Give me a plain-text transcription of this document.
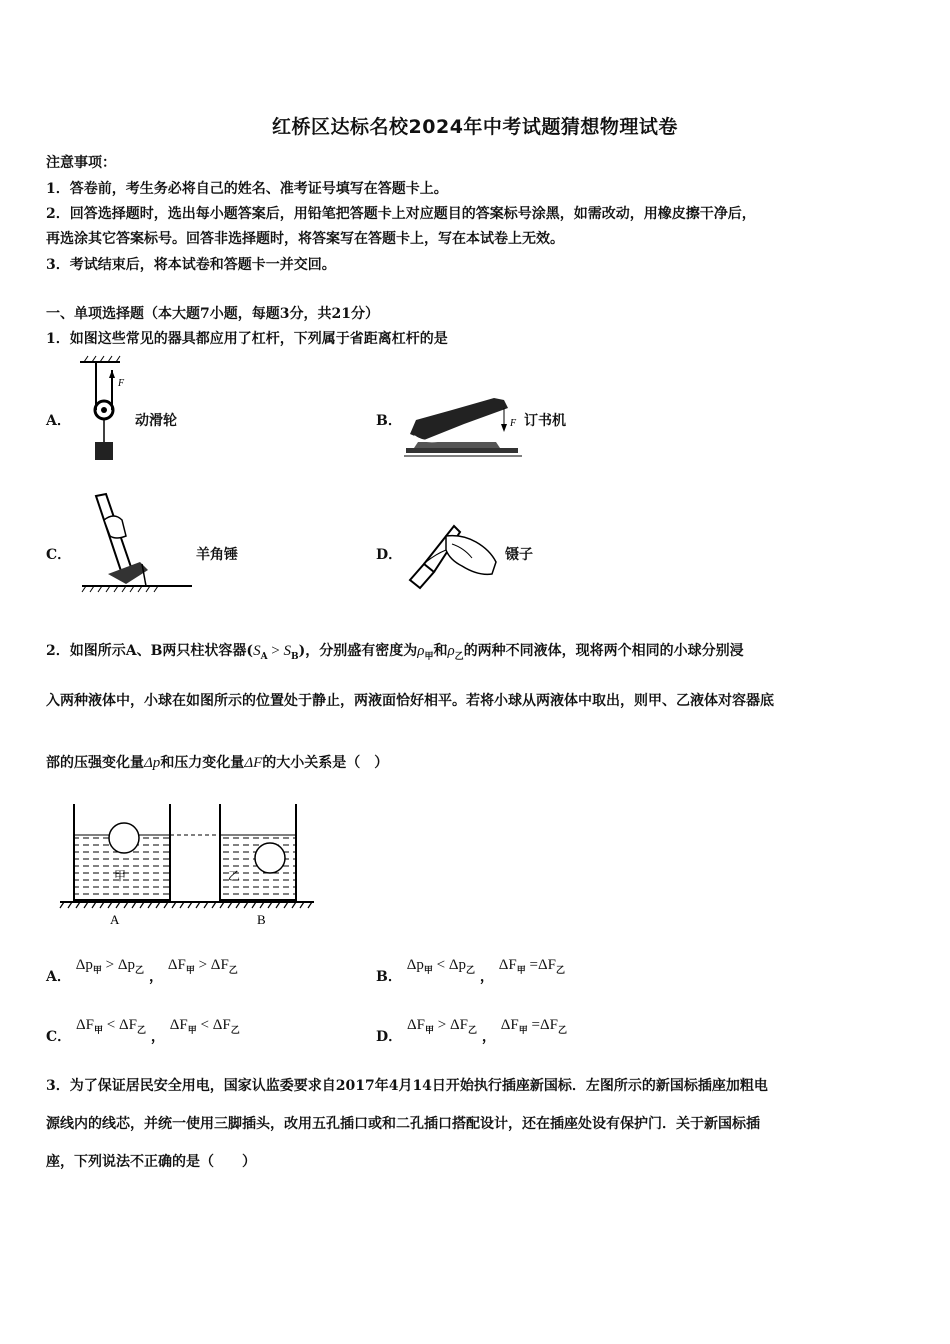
红桥区达标名校2024年中考试题猜想物理试卷
注意事项：
1．答卷前，考生务必将自己的姓名、准考证号填写在答题卡上。
2．回答选择题时，选出每小题答案后，用铅笔把答题卡上对应题目的答案标号涂黑，如需改动，用橡皮擦干净后，
再选涂其它答案标号。回答非选择题时，将答案写在答题卡上，写在本试卷上无效。
3．考试结束后，将本试卷和答题卡一并交回。
一、单项选择题（本大题7小题，每题3分，共21分）
1．如图这些常见的器具都应用了杠杆，下列属于省距离杠杆的是
A．
F
动滑轮	B．	F 订书机
C．	羊角锤	D．	镊子
2．如图所示A、B两只柱状容器$(S_A > S_B)$，分别盛有密度为$\rho_甲$和$\rho_乙$的两种不同液体，现将两个相同的小球分别浸
入两种液体中，小球在如图所示的位置处于静止，两液面恰好相平。若将小球从两液体中取出，则甲、乙液体对容器底
部的压强变化量Δp和压力变化量ΔF的大小关系是（　）
甲	乙
A	B
A． $\Delta p_甲 > \Delta p_乙$ ， $\Delta F_甲 > \Delta F_乙$	B． $\Delta p_甲 < \Delta p_乙$ ， $\Delta F_甲 =\Delta F_乙$
C． $\Delta F_甲 < \Delta F_乙$ ， $\Delta F_甲 < \Delta F_乙$	D． $\Delta F_甲 > \Delta F_乙$ ， $\Delta F_甲 =\Delta F_乙$
3．为了保证居民安全用电，国家认监委要求自2017年4月14日开始执行插座新国标．左图所示的新国标插座加粗电
源线内的线芯，并统一使用三脚插头，改用五孔插口或和二孔插口搭配设计，还在插座处设有保护门．关于新国标插
座，下列说法不正确的是（　　）
